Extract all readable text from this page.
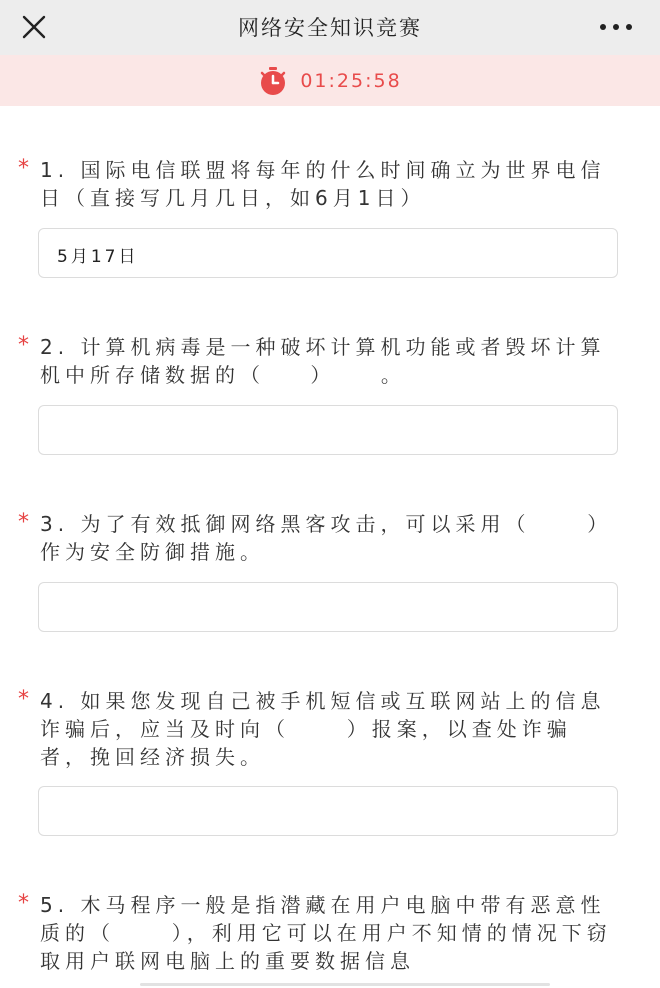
网络安全知识竞赛
01:25:58
* 1. 国际电信联盟将每年的什么时间确立为世界电信日（直接写几月几日，如6月1日）
5月17日
* 2. 计算机病毒是一种破坏计算机功能或者毁坏计算机中所存储数据的（    ）    。
* 3. 为了有效抵御网络黑客攻击，可以采用（     ）作为安全防御措施。
* 4. 如果您发现自己被手机短信或互联网站上的信息诈骗后，应当及时向（     ）报案，以查处诈骗者，挽回经济损失。
* 5. 木马程序一般是指潜藏在用户电脑中带有恶意性质的（     ），利用它可以在用户不知情的情况下窃取用户联网电脑上的重要数据信息
